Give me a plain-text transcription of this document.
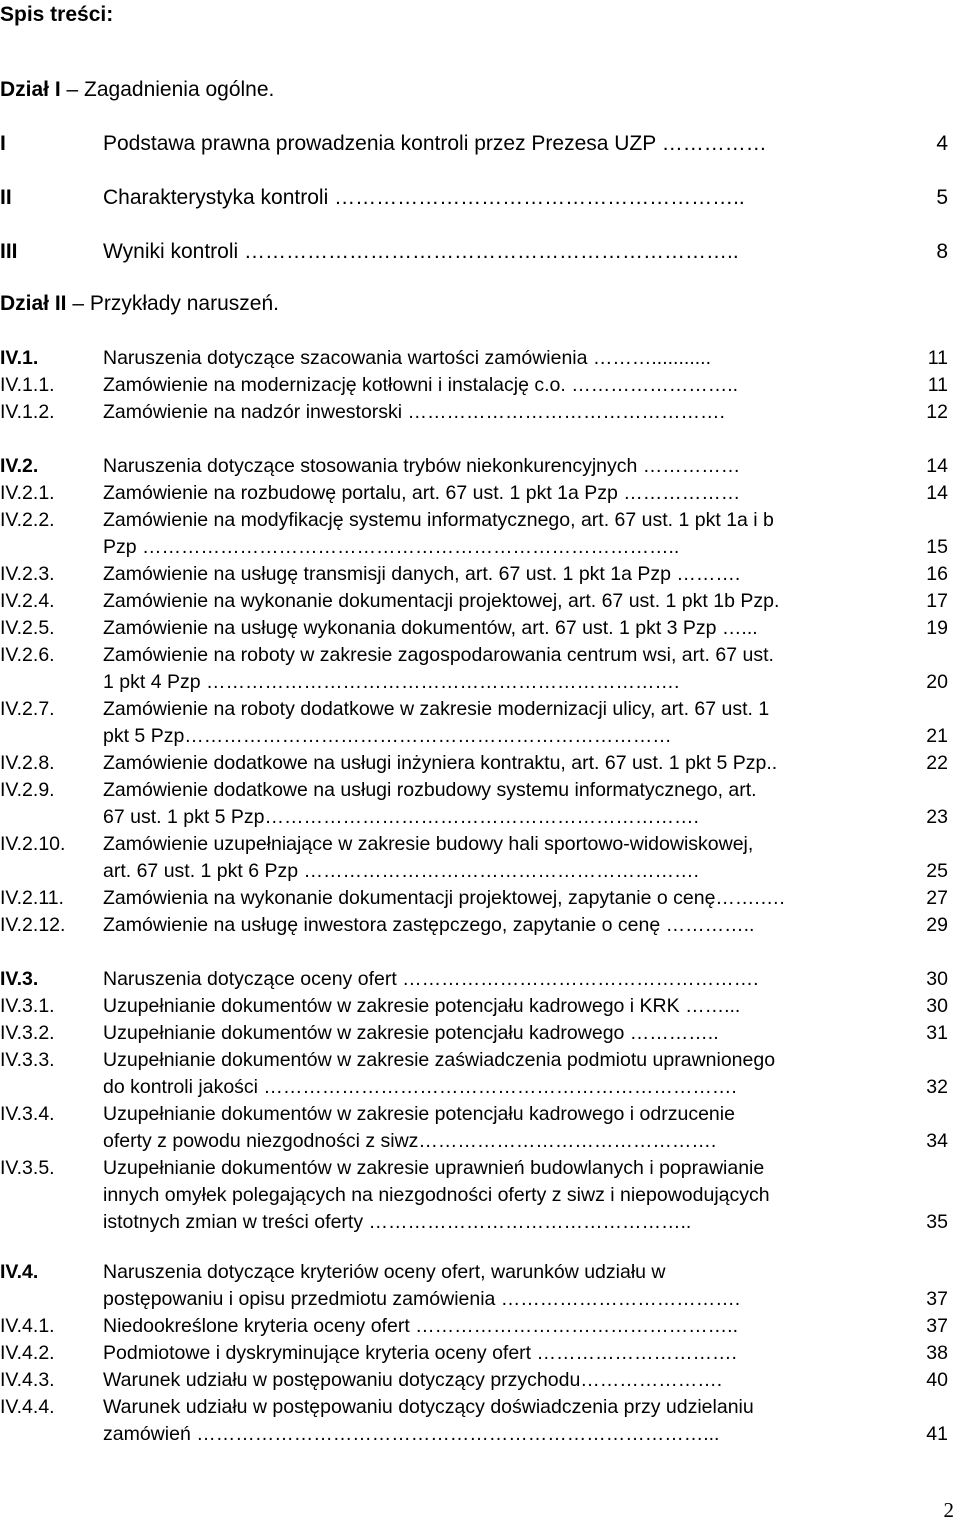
Spis treści:
Dział I – Zagadnienia ogólne.
Dział II – Przykłady naruszeń.
I	Podstawa prawna prowadzenia kontroli przez Prezesa UZP ……………	4
II	Charakterystyka kontroli …………………………………………………..	5
III	Wyniki kontroli ……………………………………………………………..	8
IV.1.	Naruszenia dotyczące szacowania wartości zamówienia ………...........	11
IV.1.1. Zamówienie na modernizację kotłowni i instalację c.o. ……………………..	11
IV.1.2. Zamówienie na nadzór inwestorski ………………………………………….	12
IV.2.	Naruszenia dotyczące stosowania trybów niekonkurencyjnych ……………	14
IV.2.1. Zamówienie na rozbudowę portalu, art. 67 ust. 1 pkt 1a Pzp ………………	14
IV.2.2. Zamówienie na modyfikację systemu informatycznego, art. 67 ust. 1 pkt 1a i b
Pzp ………………………………………………………………………..	15
IV.2.3. Zamówienie na usługę transmisji danych, art. 67 ust. 1 pkt 1a Pzp ……….	16
IV.2.4. Zamówienie na wykonanie dokumentacji projektowej, art. 67 ust. 1 pkt 1b Pzp.	17
IV.2.5. Zamówienie na usługę wykonania dokumentów, art. 67 ust. 1 pkt 3 Pzp …...	19
IV.2.6. Zamówienie na roboty w zakresie zagospodarowania centrum wsi, art. 67 ust.
1 pkt 4 Pzp ……………………………………………………………….	20
IV.2.7. Zamówienie na roboty dodatkowe w zakresie modernizacji ulicy, art. 67 ust. 1
pkt 5 Pzp…………………………………………………………………	21
IV.2.8. Zamówienie dodatkowe na usługi inżyniera kontraktu, art. 67 ust. 1 pkt 5 Pzp..	22
IV.2.9. Zamówienie dodatkowe na usługi rozbudowy systemu informatycznego, art.
67 ust. 1 pkt 5 Pzp………………………………………………………….	23
IV.2.10. Zamówienie uzupełniające w zakresie budowy hali sportowo-widowiskowej,
art. 67 ust. 1 pkt 6 Pzp …………………………………………………….	25
IV.2.11. Zamówienia na wykonanie dokumentacji projektowej, zapytanie o cenę…….….	27
IV.2.12. Zamówienie na usługę inwestora zastępczego, zapytanie o cenę …………..	29
IV.3.	Naruszenia dotyczące oceny ofert ……………………………………………….	30
IV.3.1. Uzupełnianie dokumentów w zakresie potencjału kadrowego i KRK ……...	30
IV.3.2. Uzupełnianie dokumentów w zakresie potencjału kadrowego …………..	31
IV.3.3. Uzupełnianie dokumentów w zakresie zaświadczenia podmiotu uprawnionego
do kontroli jakości ……………………………………………………………….	32
IV.3.4. Uzupełnianie dokumentów w zakresie potencjału kadrowego i odrzucenie
oferty z powodu niezgodności z siwz……………………………………….	34
IV.3.5. Uzupełnianie dokumentów w zakresie uprawnień budowlanych i poprawianie
innych omyłek polegających na niezgodności oferty z siwz i niepowodujących
istotnych zmian w treści oferty …………………………………………..	35
IV.4.	Naruszenia dotyczące kryteriów oceny ofert, warunków udziału w
postępowaniu i opisu przedmiotu zamówienia ……………………………….	37
IV.4.1. Niedookreślone kryteria oceny ofert …………………………………………..	37
IV.4.2. Podmiotowe i dyskryminujące kryteria oceny ofert ………………………….	38
IV.4.3. Warunek udziału w postępowaniu dotyczący przychodu………………….	40
IV.4.4. Warunek udziału w postępowaniu dotyczący doświadczenia przy udzielaniu
zamówień ……………………………………………………………………...	41
2
